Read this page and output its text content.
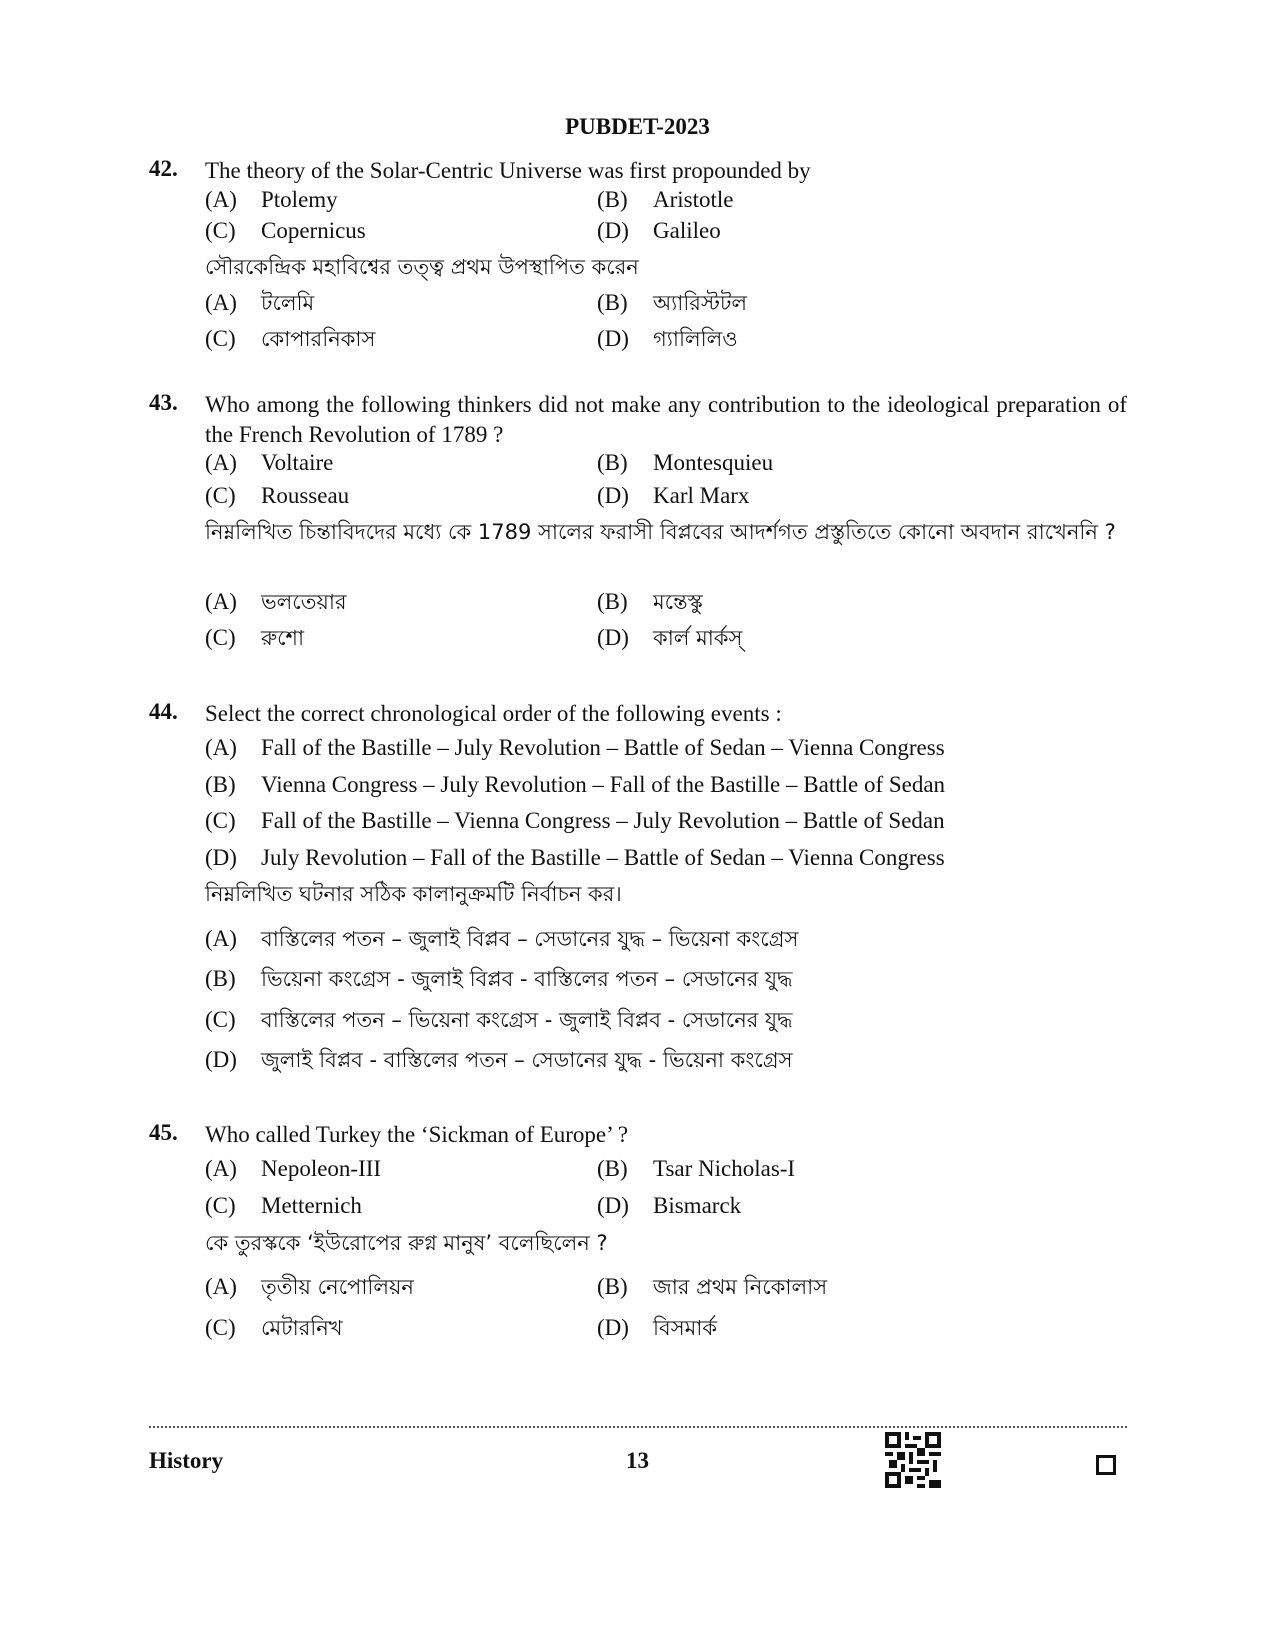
PUBDET-2023
42. The theory of the Solar-Centric Universe was first propounded by
(A) Ptolemy	(B) Aristotle
(C) Copernicus	(D) Galileo
সৌরকেন্দ্রিক মহাবিশ্বের তত্ত্ব প্রথম উপস্থাপিত করেন
(A) টলেমি	(B) অ্যারিস্টটল
(C) কোপারনিকাস	(D) গ্যালিলিও
43. Who among the following thinkers did not make any contribution to the ideological preparation of the French Revolution of 1789 ?
(A) Voltaire	(B) Montesquieu
(C) Rousseau	(D) Karl Marx
নিম্নলিখিত চিন্তাবিদদের মধ্যে কে 1789 সালের ফরাসী বিপ্লবের আদর্শগত প্রস্তুতিতে কোনো অবদান রাখেননি ?
(A) ভলতেয়ার	(B) মন্তেস্কু
(C) রুশো	(D) কার্ল মার্কস্
44. Select the correct chronological order of the following events :
(A) Fall of the Bastille – July Revolution – Battle of Sedan – Vienna Congress
(B) Vienna Congress – July Revolution – Fall of the Bastille – Battle of Sedan
(C) Fall of the Bastille – Vienna Congress – July Revolution – Battle of Sedan
(D) July Revolution – Fall of the Bastille – Battle of Sedan – Vienna Congress
নিম্নলিখিত ঘটনার সঠিক কালানুক্রমটি নির্বাচন কর।
(A) বাস্তিলের পতন – জুলাই বিপ্লব – সেডানের যুদ্ধ – ভিয়েনা কংগ্রেস
(B) ভিয়েনা কংগ্রেস - জুলাই বিপ্লব - বাস্তিলের পতন – সেডানের যুদ্ধ
(C) বাস্তিলের পতন – ভিয়েনা কংগ্রেস - জুলাই বিপ্লব - সেডানের যুদ্ধ
(D) জুলাই বিপ্লব - বাস্তিলের পতন – সেডানের যুদ্ধ - ভিয়েনা কংগ্রেস
45. Who called Turkey the ‘Sickman of Europe’ ?
(A) Nepoleon-III	(B) Tsar Nicholas-I
(C) Metternich	(D) Bismarck
কে তুরস্ককে ‘ইউরোপের রুগ্ন মানুষ’ বলেছিলেন ?
(A) তৃতীয় নেপোলিয়ন	(B) জার প্রথম নিকোলাস
(C) মেটারনিখ	(D) বিসমার্ক
History	13
